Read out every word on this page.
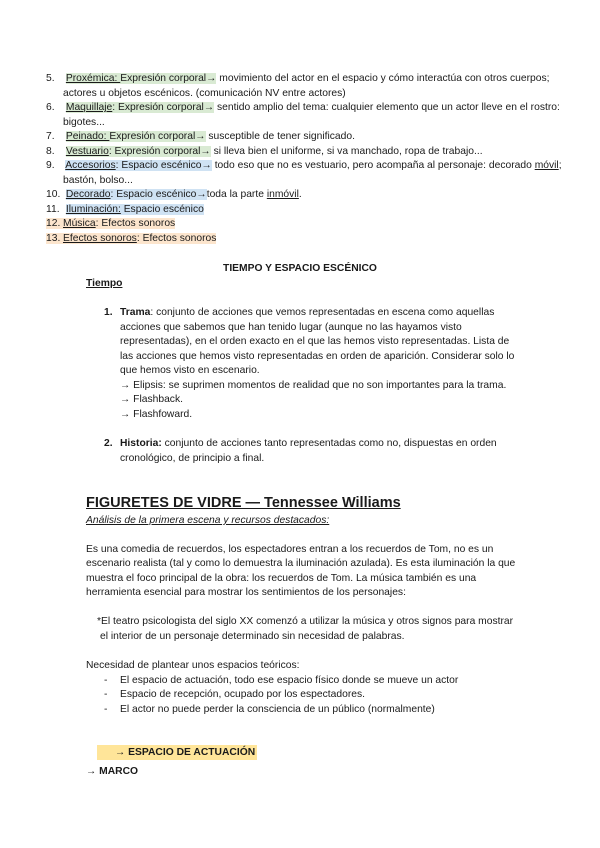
5. Proxémica: Expresión corporal→ movimiento del actor en el espacio y cómo interactúa con otros cuerpos;
actores u objetos escénicos. (comunicación NV entre actores)
6. Maquillaje: Expresión corporal→ sentido amplio del tema: cualquier elemento que un actor lleve en el rostro:
bigotes...
7. Peinado: Expresión corporal→ susceptible de tener significado.
8. Vestuario: Expresión corporal→ si lleva bien el uniforme, si va manchado, ropa de trabajo...
9. Accesorios: Espacio escénico→ todo eso que no es vestuario, pero acompaña al personaje: decorado móvil;
bastón, bolso...
10. Decorado: Espacio escénico→toda la parte inmóvil.
11. Iluminación: Espacio escénico
12. Música: Efectos sonoros
13. Efectos sonoros: Efectos sonoros
TIEMPO Y ESPACIO ESCÉNICO
Tiempo
1. Trama: conjunto de acciones que vemos representadas en escena como aquellas
acciones que sabemos que han tenido lugar (aunque no las hayamos visto
representadas), en el orden exacto en el que las hemos visto representadas. Lista de
las acciones que hemos visto representadas en orden de aparición. Considerar solo lo
que hemos visto en escenario.
→ Elipsis: se suprimen momentos de realidad que no son importantes para la trama.
→ Flashback.
→ Flashfoward.
2. Historia: conjunto de acciones tanto representadas como no, dispuestas en orden
cronológico, de principio a final.
FIGURETES DE VIDRE — Tennessee Williams
Análisis de la primera escena y recursos destacados:
Es una comedia de recuerdos, los espectadores entran a los recuerdos de Tom, no es un
escenario realista (tal y como lo demuestra la iluminación azulada). Es esta iluminación la que
muestra el foco principal de la obra: los recuerdos de Tom. La música también es una
herramienta esencial para mostrar los sentimientos de los personajes:
*El teatro psicologista del siglo XX comenzó a utilizar la música y otros signos para mostrar
el interior de un personaje determinado sin necesidad de palabras.
Necesidad de plantear unos espacios teóricos:
- El espacio de actuación, todo ese espacio físico donde se mueve un actor
- Espacio de recepción, ocupado por los espectadores.
- El actor no puede perder la consciencia de un público (normalmente)
→ ESPACIO DE ACTUACIÓN
→ MARCO
